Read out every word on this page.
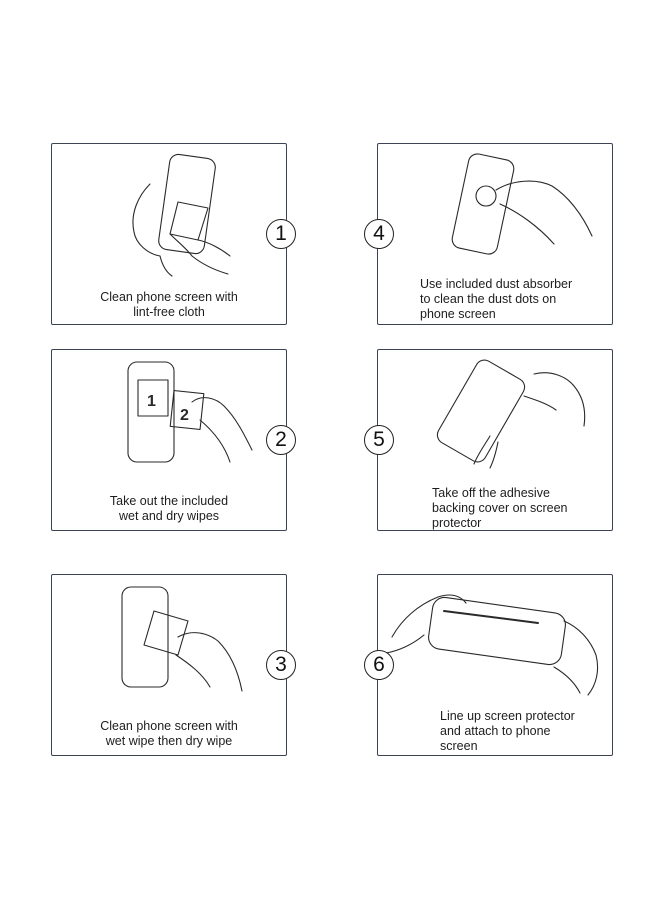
Clean phone screen with
lint-free cloth
1
1
2
Take out the included
wet and dry wipes
2
Clean phone screen with
wet wipe then dry wipe
3
Use included dust absorber
to clean the dust dots on
phone screen
4
Take off the adhesive
backing cover on screen
protector
5
Line up screen protector
and attach to phone
screen
6
